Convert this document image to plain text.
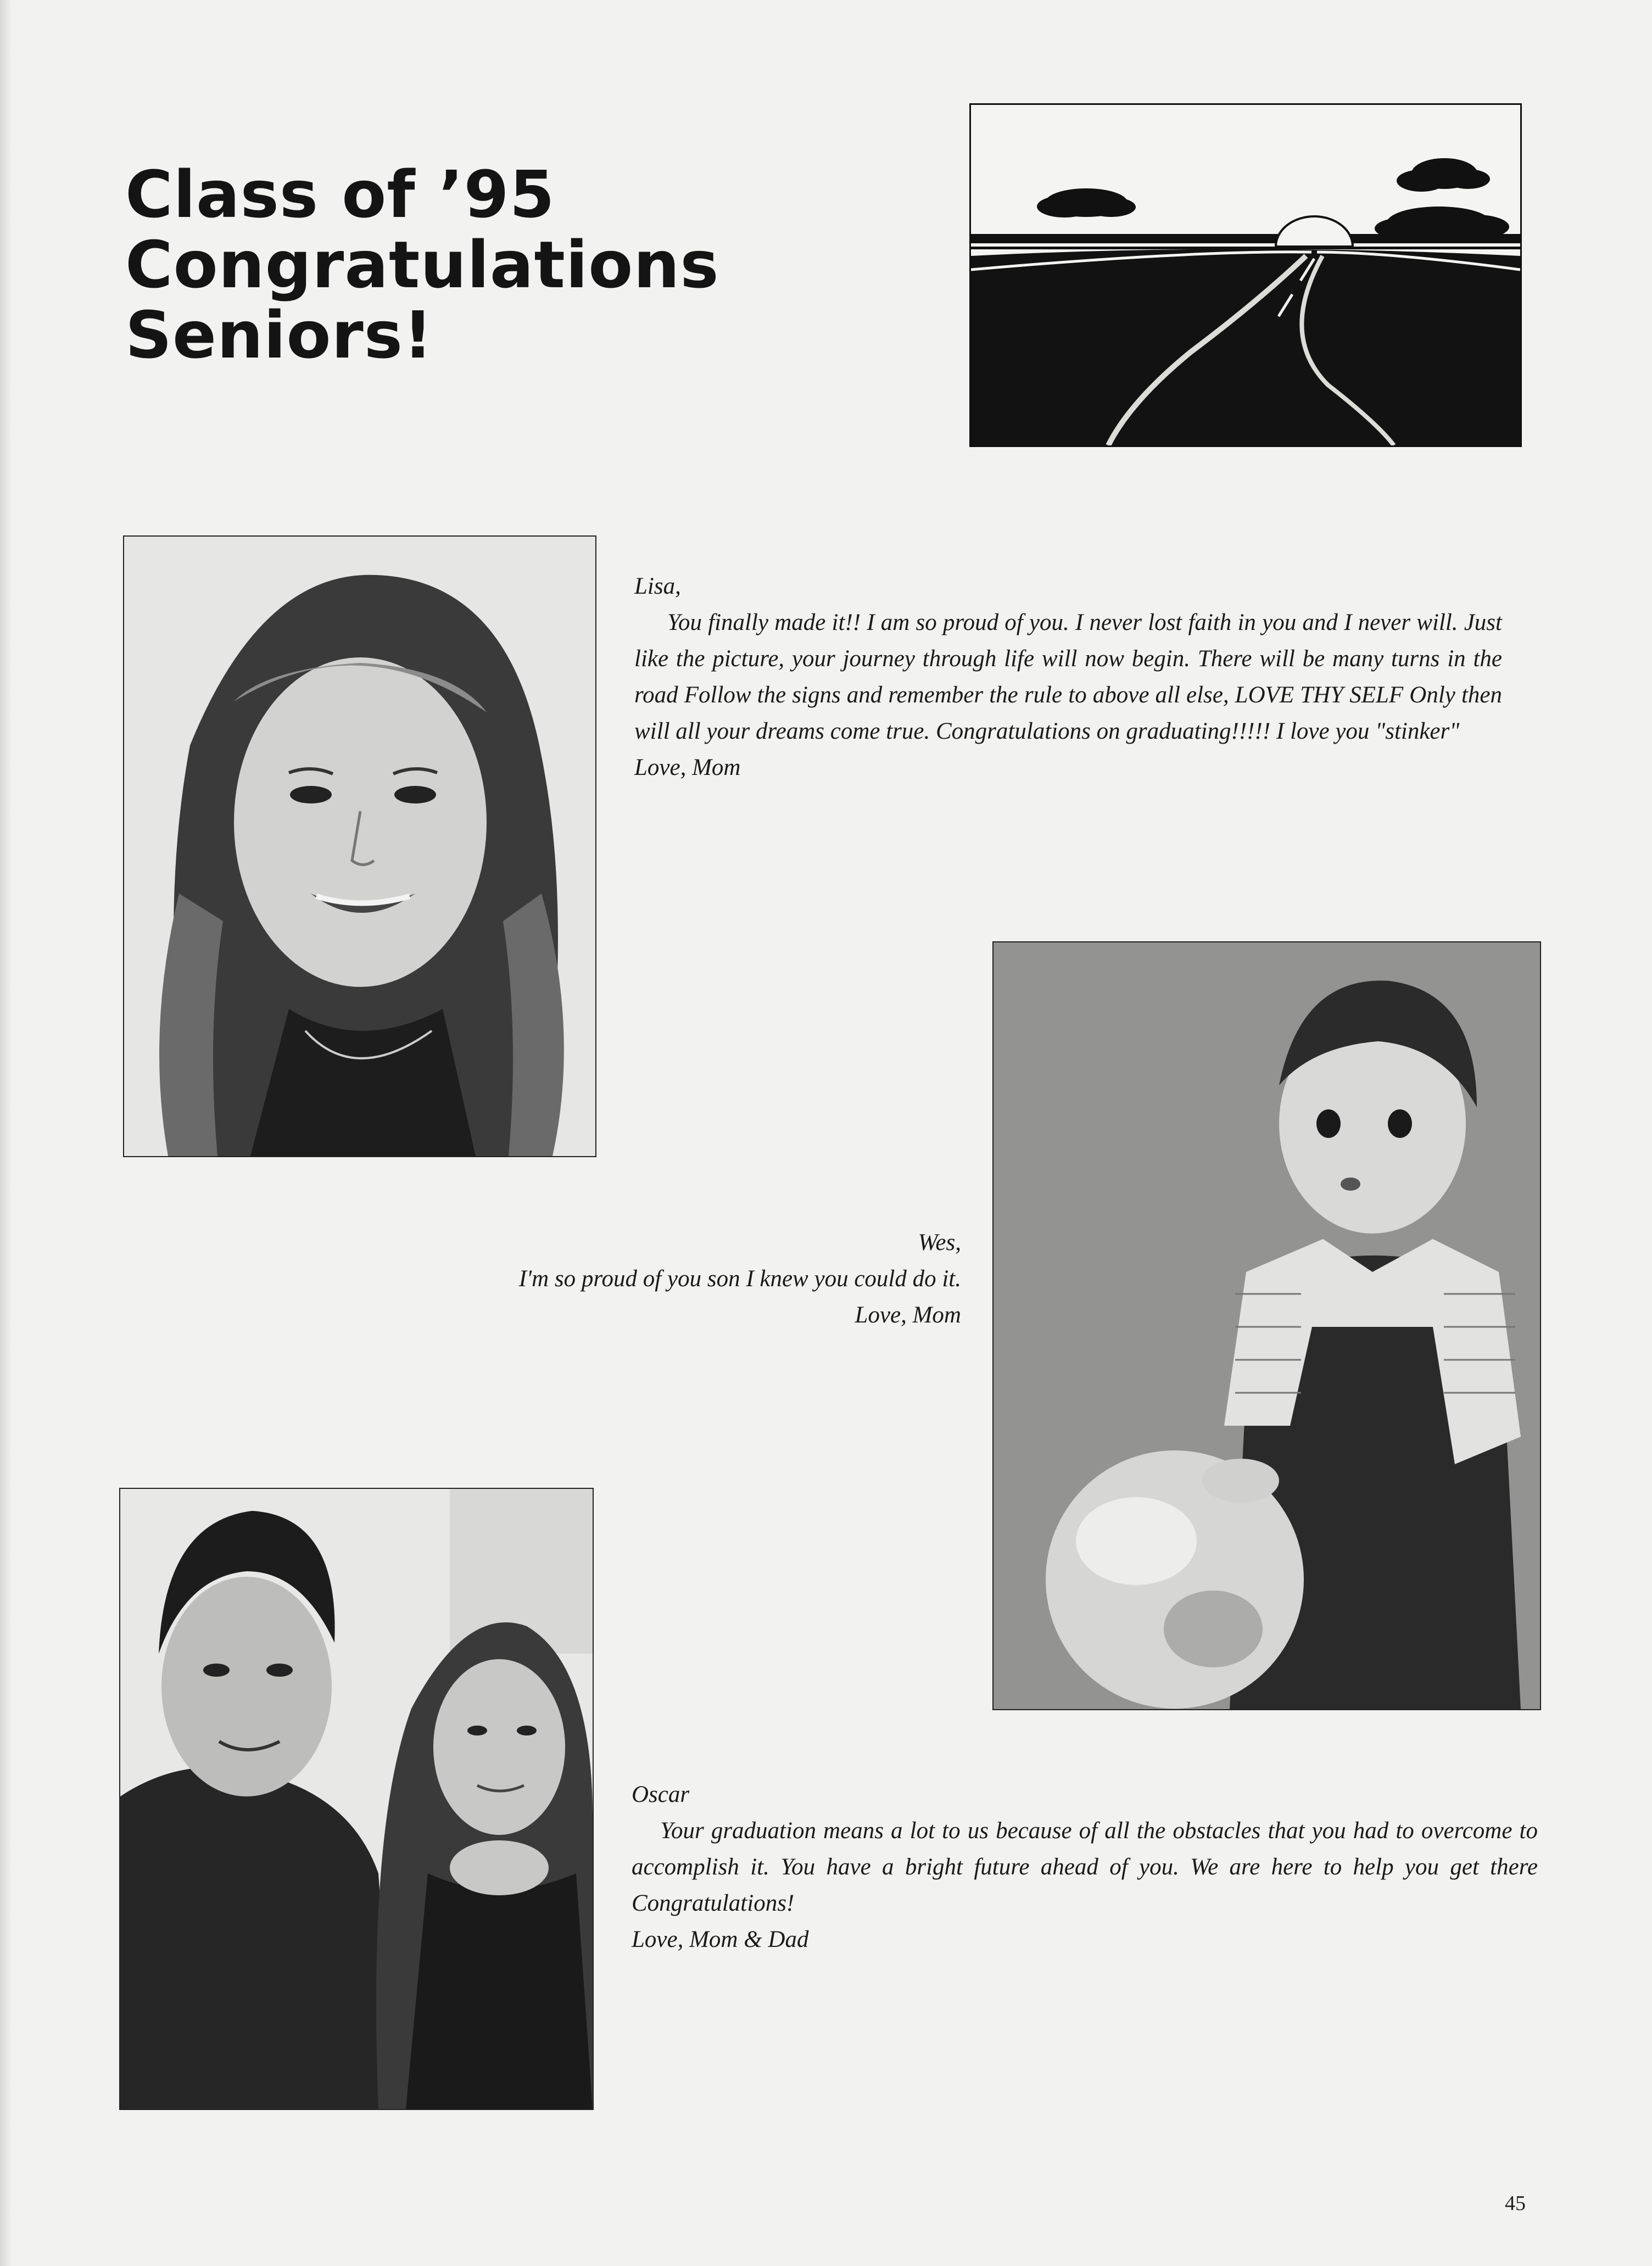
Class of ’95
Congratulations
Seniors!

Lisa,

You finally made it!! I am so proud of you. I never lost faith in you and I never will. Just like the picture, your journey through life will now begin. There will be many turns in the road Follow the signs and remember the rule to above all else, LOVE THY SELF Only then will all your dreams come true. Congratulations on graduating!!!!! I love you "stinker"

Love, Mom

Wes,

I'm so proud of you son I knew you could do it.

Love, Mom

Oscar

Your graduation means a lot to us because of all the obstacles that you had to overcome to accomplish it. You have a bright future ahead of you. We are here to help you get there Congratulations!

Love, Mom & Dad

45
